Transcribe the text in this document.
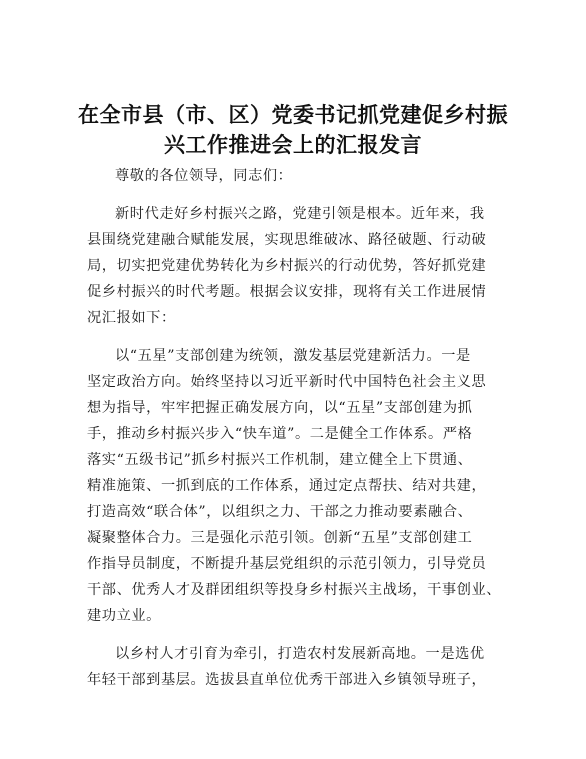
在全市县（市、区）党委书记抓党建促乡村振
兴工作推进会上的汇报发言

尊敬的各位领导，同志们：

新时代走好乡村振兴之路，党建引领是根本。近年来，我
县围绕党建融合赋能发展，实现思维破冰、路径破题、行动破
局，切实把党建优势转化为乡村振兴的行动优势，答好抓党建
促乡村振兴的时代考题。根据会议安排，现将有关工作进展情
况汇报如下：

以“五星”支部创建为统领，激发基层党建新活力。一是
坚定政治方向。始终坚持以习近平新时代中国特色社会主义思
想为指导，牢牢把握正确发展方向，以“五星”支部创建为抓
手，推动乡村振兴步入“快车道”。二是健全工作体系。严格
落实“五级书记”抓乡村振兴工作机制，建立健全上下贯通、
精准施策、一抓到底的工作体系，通过定点帮扶、结对共建，
打造高效“联合体”，以组织之力、干部之力推动要素融合、
凝聚整体合力。三是强化示范引领。创新“五星”支部创建工
作指导员制度，不断提升基层党组织的示范引领力，引导党员
干部、优秀人才及群团组织等投身乡村振兴主战场，干事创业、
建功立业。

以乡村人才引育为牵引，打造农村发展新高地。一是选优
年轻干部到基层。选拔县直单位优秀干部进入乡镇领导班子，
